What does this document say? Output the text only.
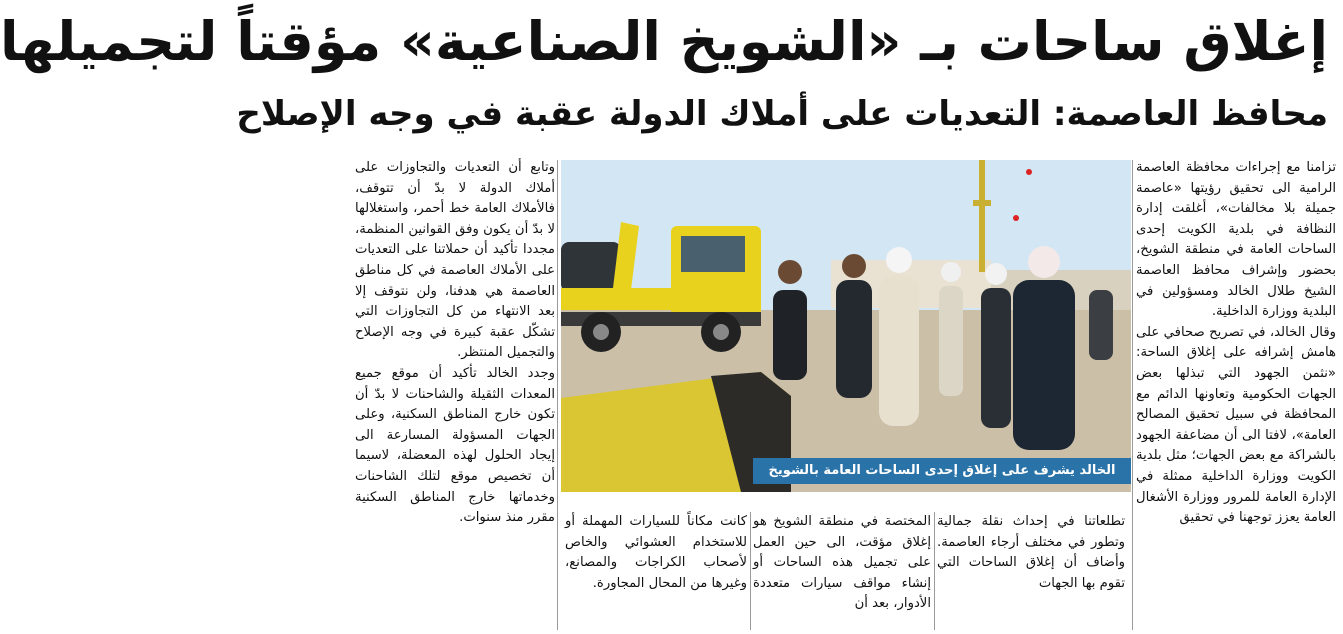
إغلاق ساحات بـ «الشويخ الصناعية» مؤقتاً لتجميلها
محافظ العاصمة: التعديات على أملاك الدولة عقبة في وجه الإصلاح

تزامنا مع إجراءات محافظة العاصمة الرامية الى تحقيق رؤيتها «عاصمة جميلة بلا مخالفات»، أغلقت إدارة النظافة في بلدية الكويت إحدى الساحات العامة في منطقة الشويخ، بحضور وإشراف محافظ العاصمة الشيخ طلال الخالد ومسؤولين في البلدية ووزارة الداخلية.

وقال الخالد، في تصريح صحافي على هامش إشرافه على إغلاق الساحة: «نثمن الجهود التي تبذلها بعض الجهات الحكومية وتعاونها الدائم مع المحافظة في سبيل تحقيق المصالح العامة»، لافتا الى أن مضاعفة الجهود بالشراكة مع بعض الجهات؛ مثل بلدية الكويت ووزارة الداخلية ممثلة في الإدارة العامة للمرور ووزارة الأشغال العامة يعزز توجهنا في تحقيق

الخالد يشرف على إغلاق إحدى الساحات العامة بالشويخ

تطلعاتنا في إحداث نقلة جمالية وتطور في مختلف أرجاء العاصمة. وأضاف أن إغلاق الساحات التي تقوم بها الجهات

المختصة في منطقة الشويخ هو إغلاق مؤقت، الى حين العمل على تجميل هذه الساحات أو إنشاء مواقف سيارات متعددة الأدوار، بعد أن

كانت مكاناً للسيارات المهملة أو للاستخدام العشوائي والخاص لأصحاب الكراجات والمصانع، وغيرها من المحال المجاورة.

وتابع أن التعديات والتجاوزات على أملاك الدولة لا بدّ أن تتوقف، فالأملاك العامة خط أحمر، واستغلالها لا بدّ أن يكون وفق القوانين المنظمة، مجددا تأكيد أن حملاتنا على التعديات على الأملاك العاصمة في كل مناطق العاصمة هي هدفنا، ولن نتوقف إلا بعد الانتهاء من كل التجاوزات التي تشكّل عقبة كبيرة في وجه الإصلاح والتجميل المنتظر.

وجدد الخالد تأكيد أن موقع جميع المعدات الثقيلة والشاحنات لا بدّ أن تكون خارج المناطق السكنية، وعلى الجهات المسؤولة المسارعة الى إيجاد الحلول لهذه المعضلة، لاسيما أن تخصيص موقع لتلك الشاحنات وخدماتها خارج المناطق السكنية مقرر منذ سنوات.
